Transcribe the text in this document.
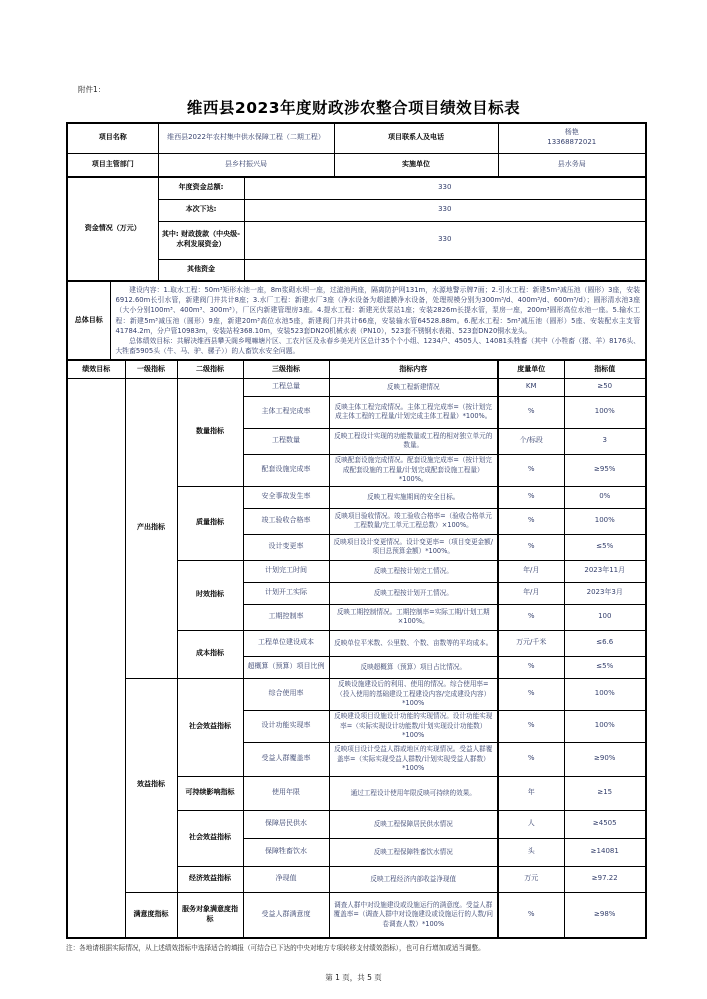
附件1：
维西县2023年度财政涉农整合项目绩效目标表
项目名称	维西县2022年农村集中供水保障工程（二期工程）	项目联系人及电话	杨艳
13368872021

项目主管部门	县乡村振兴局	实施单位	县水务局
资金情况（万元）	年度资金总额:	330
	本次下达:	330
	其中: 财政拨款（中央级-水利发展资金）	330
	其他资金	
总体目标	

建设内容：1.取水工程：50m³矩形水池一座，8m浆砌水坝一座，过滤池两座，隔离防护网131m，水源地警示牌7面；2.引水工程：新建5m³减压池（圆形）3座，安装6912.60m长引水管，新建阀门井共计8座；3.水厂工程：新建水厂3座（净水设备为超滤膜净水设备，处理规模分别为300m³/d、400m³/d、600m³/d）；圆形清水池3座（大小分别100m³、400m³、300m³），厂区内新建管理房3座。4.提水工程：新建光伏泵站1座；安装2826m长提水管，泵房一座，200m³圆形高位水池一座。5.输水工程：新建5m³减压池（圆形）9座，新建20m³高位水池5座，新建阀门井共计66座，安装输水管64528.88m。6.配水工程：5m³减压池（圆形）5座、安装配水主支管41784.2m，分户管10983m，安装站栓368.10m，安装523套DN20机械水表（PN10），523套不锈钢水表箱、523套DN20铜水龙头。

总体绩效目标：共解决维西县攀天阁乡嘎嘛塘片区、工农片区及永春乡美光片区总计35个个小组、1234户、4505人、14081头牲畜（其中（小牲畜（猪、羊）8176头、大牲畜5905头（牛、马、驴、骡子））的人畜饮水安全问题。

绩效目标	一级指标	二级指标	三级指标	指标内容	度量单位	指标值
	产出指标	数量指标	工程总量	反映工程新建情况	KM	≥50
			主体工程完成率	反映主体工程完成情况。主体工程完成率=（按计划完成主体工程的工程量/计划完成主体工程量）*100%。	%	100%
			工程数量	反映工程设计实现的功能数量或工程的相对独立单元的数量。	个/标段	3
			配套设施完成率	反映配套设施完成情况。配套设施完成率=（按计划完成配套设施的工程量/计划完成配套设施工程量）*100%。	%	≥95%
		质量指标	安全事故发生率	反映工程实施期间的安全目标。	%	0%
			竣工验收合格率	反映项目验收情况。竣工验收合格率=（验收合格单元工程数量/完工单元工程总数）×100%。	%	100%
			设计变更率	反映项目设计变更情况。设计变更率=（项目变更金额/项目总预算金额）*100%。	%	≤5%
		时效指标	计划完工时间	反映工程按计划完工情况。	年/月	2023年11月
			计划开工实际	反映工程按计划开工情况。	年/月	2023年3月
			工期控制率	反映工期控制情况。工期控制率=实际工期/计划工期×100%。	%	100
		成本指标	工程单位建设成本	反映单位平米数、公里数、个数、亩数等的平均成本。	万元/千米	≤6.6
			超概算（预算）项目比例	反映超概算（预算）项目占比情况。	%	≤5%
	效益指标	社会效益指标	综合使用率	反映设施建设后的利用、使用的情况。综合使用率=（投入使用的基础建设工程建设内容/完成建设内容）*100%	%	100%
			设计功能实现率	反映建设项目设施设计功能的实现情况。设计功能实现率=（实际实现设计功能数/计划实现设计功能数）*100%	%	100%
			受益人群覆盖率	反映项目设计受益人群或地区的实现情况。受益人群覆盖率=（实际实现受益人群数/计划实现受益人群数）*100%	%	≥90%
		可持续影响指标	使用年限	通过工程设计使用年限反映可持续的效果。	年	≥15
		社会效益指标	保障居民供水	反映工程保障居民供水情况	人	≥4505
			保障牲畜饮水	反映工程保障牲畜饮水情况	头	≥14081
		经济效益指标	净现值	反映工程经济内部收益净现值	万元	≥97.22
	满意度指标	服务对象满意度指标	受益人群满意度	调查人群中对设施建设或设施运行的满意度。受益人群覆盖率=（调查人群中对设施建设或设施运行的人数/问卷调查人数）*100%	%	≥98%
注：各地请根据实际情况，从上述绩效指标中选择适合的填报（可结合已下达的中央对地方专项转移支付绩效指标），也可自行增加或适当调整。
第 1 页，共 5 页
